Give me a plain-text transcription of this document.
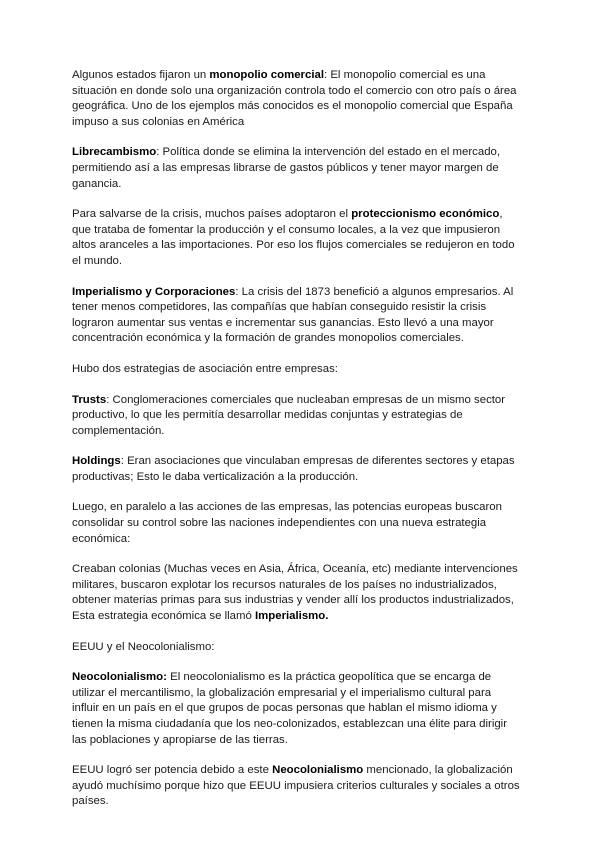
Algunos estados fijaron un monopolio comercial: El monopolio comercial es una situación en donde solo una organización controla todo el comercio con otro país o área geográfica. Uno de los ejemplos más conocidos es el monopolio comercial que España impuso a sus colonias en América

Librecambismo: Política donde se elimina la intervención del estado en el mercado, permitiendo así a las empresas librarse de gastos públicos y tener mayor margen de ganancia.

Para salvarse de la crisis, muchos países adoptaron el proteccionismo económico, que trataba de fomentar la producción y el consumo locales, a la vez que impusieron altos aranceles a las importaciones. Por eso los flujos comerciales se redujeron en todo el mundo.

Imperialismo y Corporaciones: La crisis del 1873 benefició a algunos empresarios. Al tener menos competidores, las compañías que habían conseguido resistir la crisis lograron aumentar sus ventas e incrementar sus ganancias. Esto llevó a una mayor concentración económica y la formación de grandes monopolios comerciales.

Hubo dos estrategias de asociación entre empresas:

Trusts: Conglomeraciones comerciales que nucleaban empresas de un mismo sector productivo, lo que les permitía desarrollar medidas conjuntas y estrategias de complementación.

Holdings: Eran asociaciones que vinculaban empresas de diferentes sectores y etapas productivas; Esto le daba verticalización a la producción.

Luego, en paralelo a las acciones de las empresas, las potencias europeas buscaron consolidar su control sobre las naciones independientes con una nueva estrategia económica:

Creaban colonias (Muchas veces en Asia, África, Oceanía, etc) mediante intervenciones militares, buscaron explotar los recursos naturales de los países no industrializados, obtener materias primas para sus industrias y vender allí los productos industrializados, Esta estrategia económica se llamó Imperialismo.

EEUU y el Neocolonialismo:

Neocolonialismo: El neocolonialismo es la práctica geopolítica que se encarga de utilizar el mercantilismo, la globalización empresarial y el imperialismo cultural para influir en un país en el que grupos de pocas personas que hablan el mismo idioma y tienen la misma ciudadanía que los neo-colonizados, establezcan una élite para dirigir las poblaciones y apropiarse de las tierras.

EEUU logró ser potencia debido a este Neocolonialismo mencionado, la globalización ayudó muchísimo porque hizo que EEUU impusiera criterios culturales y sociales a otros países.
